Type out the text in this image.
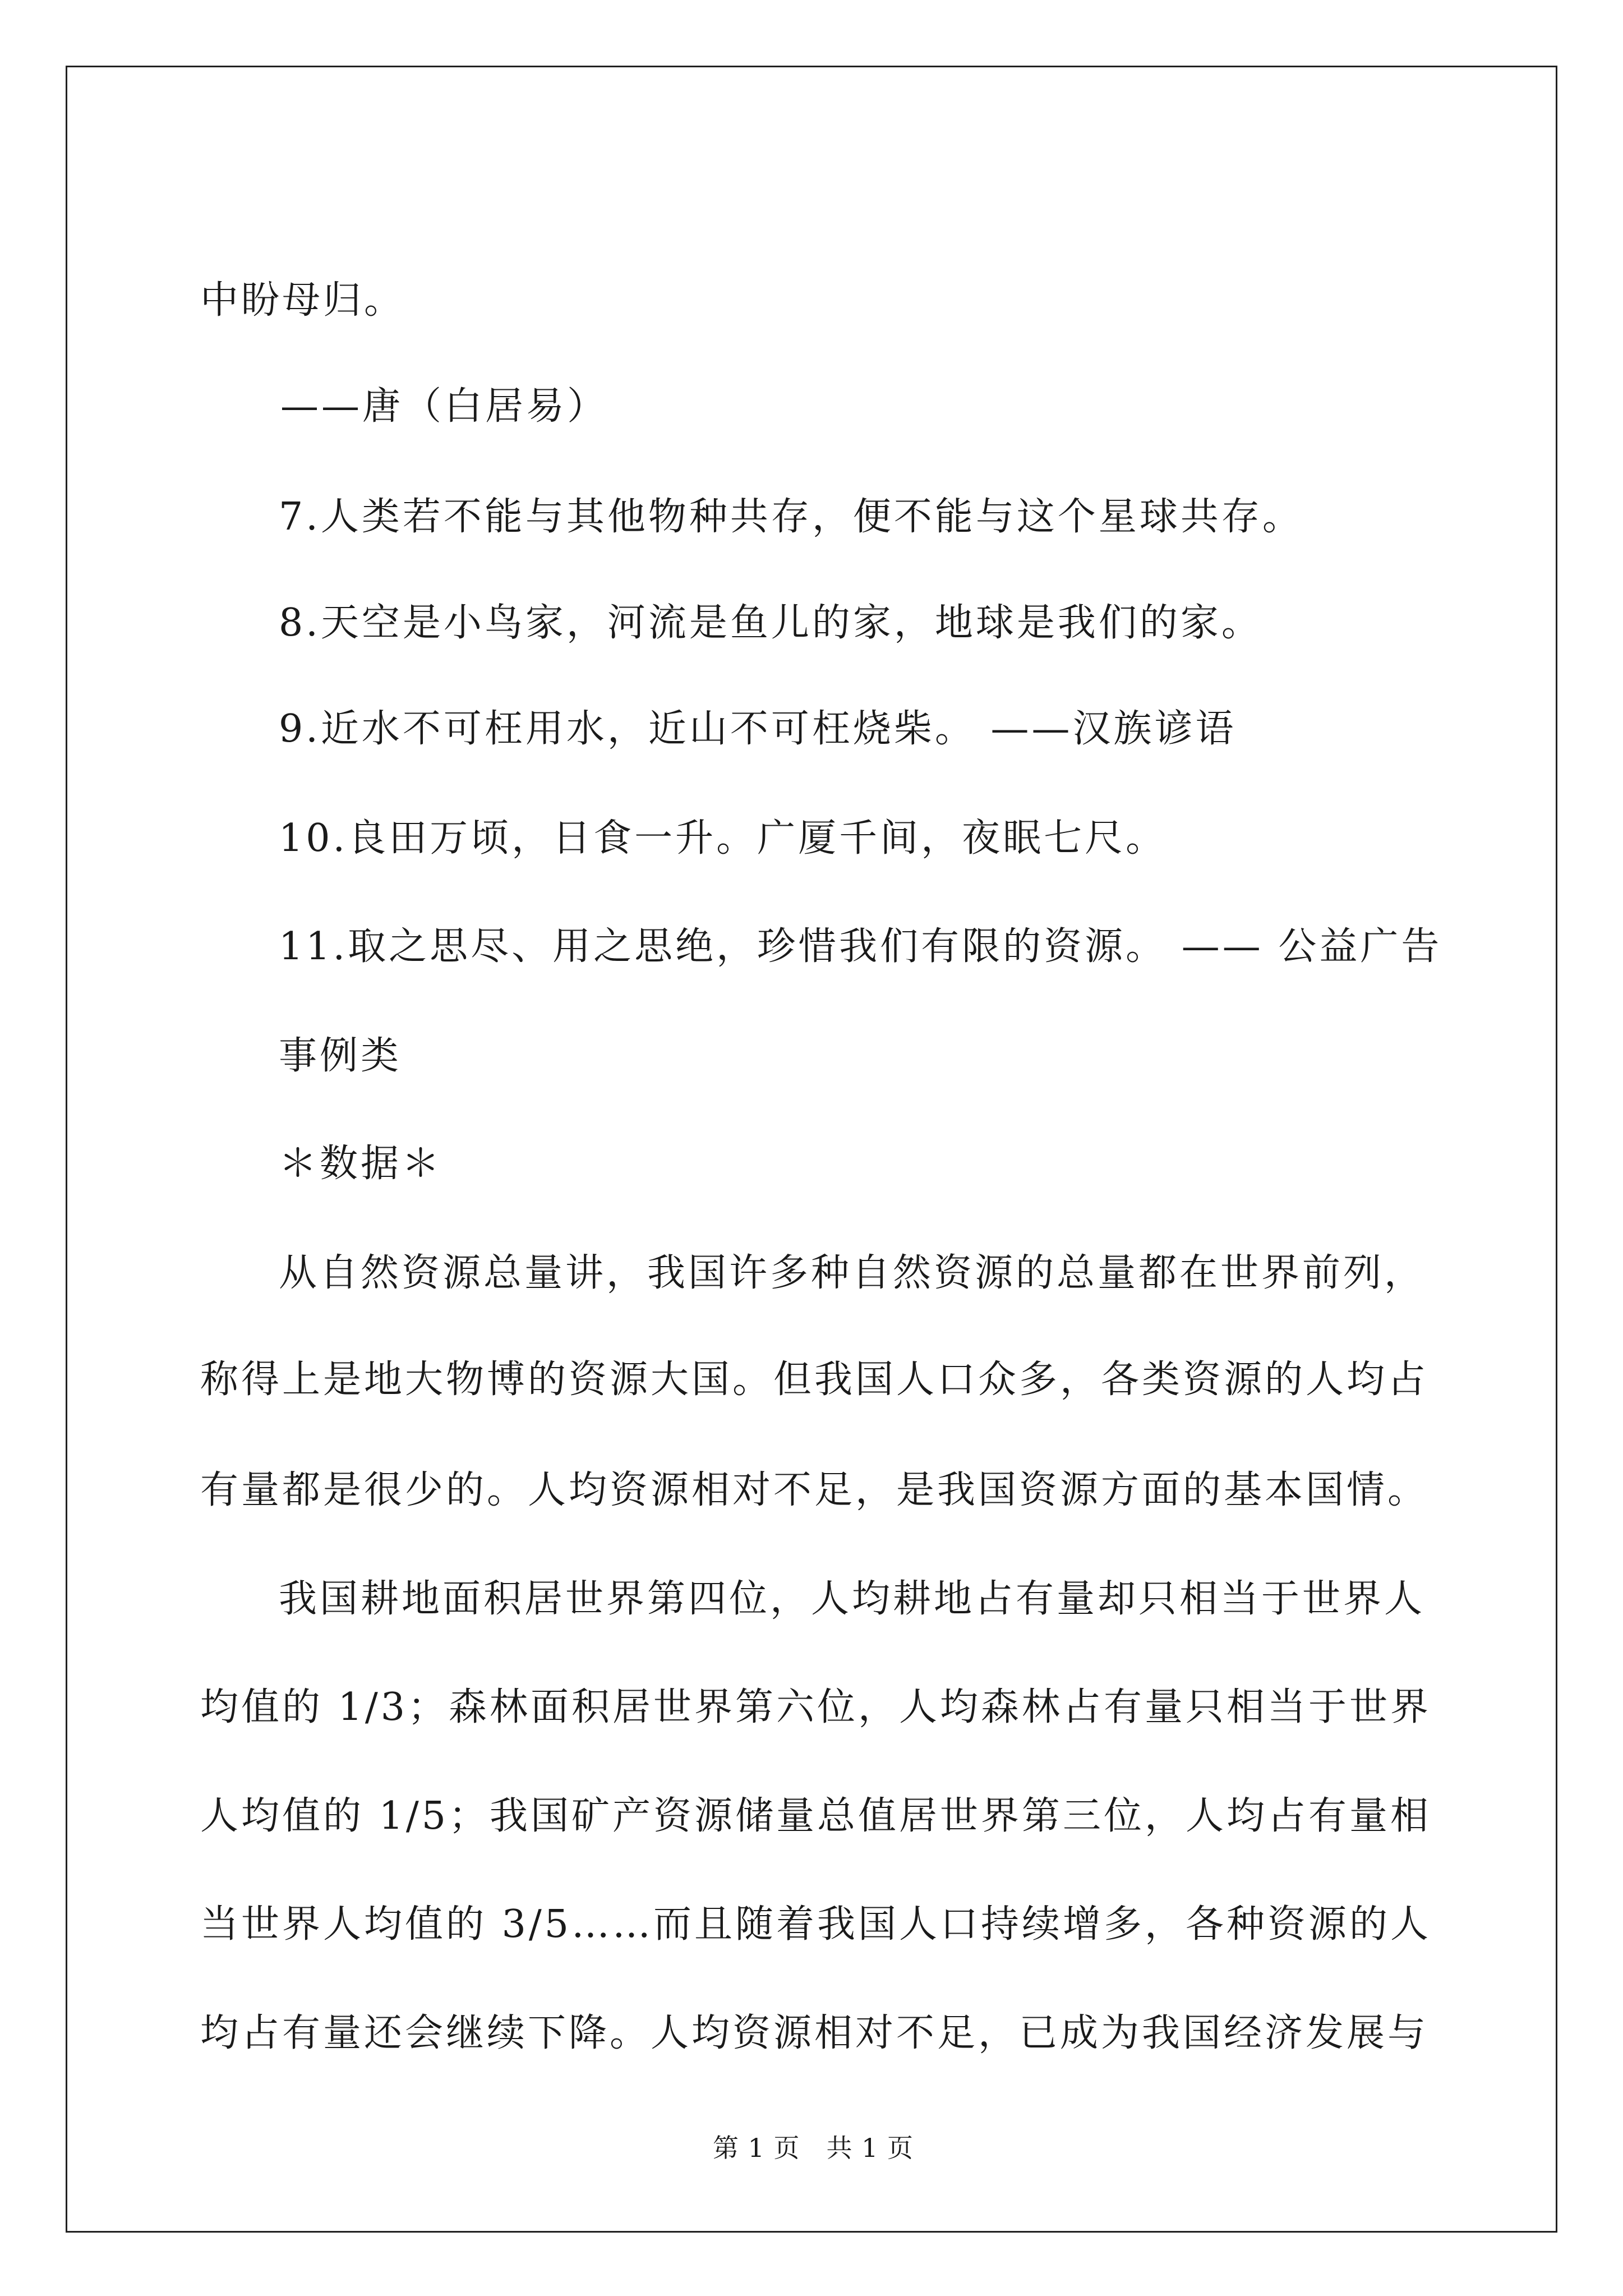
中盼母归。
——唐（白居易）
7.人类若不能与其他物种共存，便不能与这个星球共存。
8.天空是小鸟家，河流是鱼儿的家，地球是我们的家。
9.近水不可枉用水，近山不可枉烧柴。 ——汉族谚语
10.良田万顷，日食一升。广厦千间，夜眠七尺。
11.取之思尽、用之思绝，珍惜我们有限的资源。 —— 公益广告
事例类
＊数据＊
从自然资源总量讲，我国许多种自然资源的总量都在世界前列，
称得上是地大物博的资源大国。但我国人口众多，各类资源的人均占
有量都是很少的。人均资源相对不足，是我国资源方面的基本国情。
我国耕地面积居世界第四位，人均耕地占有量却只相当于世界人
均值的 1/3；森林面积居世界第六位，人均森林占有量只相当于世界
人均值的 1/5；我国矿产资源储量总值居世界第三位，人均占有量相
当世界人均值的 3/5……而且随着我国人口持续增多，各种资源的人
均占有量还会继续下降。人均资源相对不足，已成为我国经济发展与
第 1 页　共 1 页
